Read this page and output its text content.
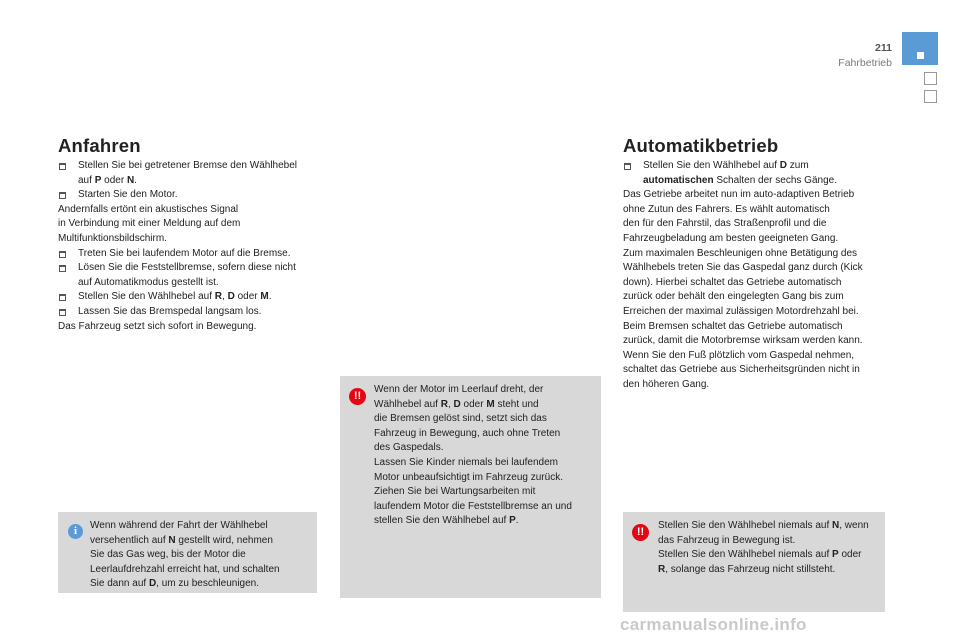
211
Fahrbetrieb
Anfahren

Stellen Sie bei getretener Bremse den Wählhebel
auf P oder N.

Starten Sie den Motor.

Andernfalls ertönt ein akustisches Signal
in Verbindung mit einer Meldung auf dem
Multifunktionsbildschirm.

Treten Sie bei laufendem Motor auf die Bremse.

Lösen Sie die Feststellbremse, sofern diese nicht
auf Automatikmodus gestellt ist.

Stellen Sie den Wählhebel auf R, D oder M.

Lassen Sie das Bremspedal langsam los.

Das Fahrzeug setzt sich sofort in Bewegung.

Automatikbetrieb

Stellen Sie den Wählhebel auf D zum
automatischen Schalten der sechs Gänge.

Das Getriebe arbeitet nun im auto-adaptiven Betrieb
ohne Zutun des Fahrers. Es wählt automatisch
den für den Fahrstil, das Straßenprofil und die
Fahrzeugbeladung am besten geeigneten Gang.
Zum maximalen Beschleunigen ohne Betätigung des
Wählhebels treten Sie das Gaspedal ganz durch (Kick
down). Hierbei schaltet das Getriebe automatisch
zurück oder behält den eingelegten Gang bis zum
Erreichen der maximal zulässigen Motordrehzahl bei.
Beim Bremsen schaltet das Getriebe automatisch
zurück, damit die Motorbremse wirksam werden kann.
Wenn Sie den Fuß plötzlich vom Gaspedal nehmen,
schaltet das Getriebe aus Sicherheitsgründen nicht in
den höheren Gang.

i	Wenn während der Fahrt der Wählhebel
versehentlich auf N gestellt wird, nehmen
Sie das Gas weg, bis der Motor die
Leerlaufdrehzahl erreicht hat, und schalten
Sie dann auf D, um zu beschleunigen.

!!

Wenn der Motor im Leerlauf dreht, der
Wählhebel auf R, D oder M steht und
die Bremsen gelöst sind, setzt sich das
Fahrzeug in Bewegung, auch ohne Treten
des Gaspedals.
Lassen Sie Kinder niemals bei laufendem
Motor unbeaufsichtigt im Fahrzeug zurück.
Ziehen Sie bei Wartungsarbeiten mit
laufendem Motor die Feststellbremse an und
stellen Sie den Wählhebel auf P.

!!

Stellen Sie den Wählhebel niemals auf N, wenn
das Fahrzeug in Bewegung ist.
Stellen Sie den Wählhebel niemals auf P oder
R, solange das Fahrzeug nicht stillsteht.

carmanualsonline.info
